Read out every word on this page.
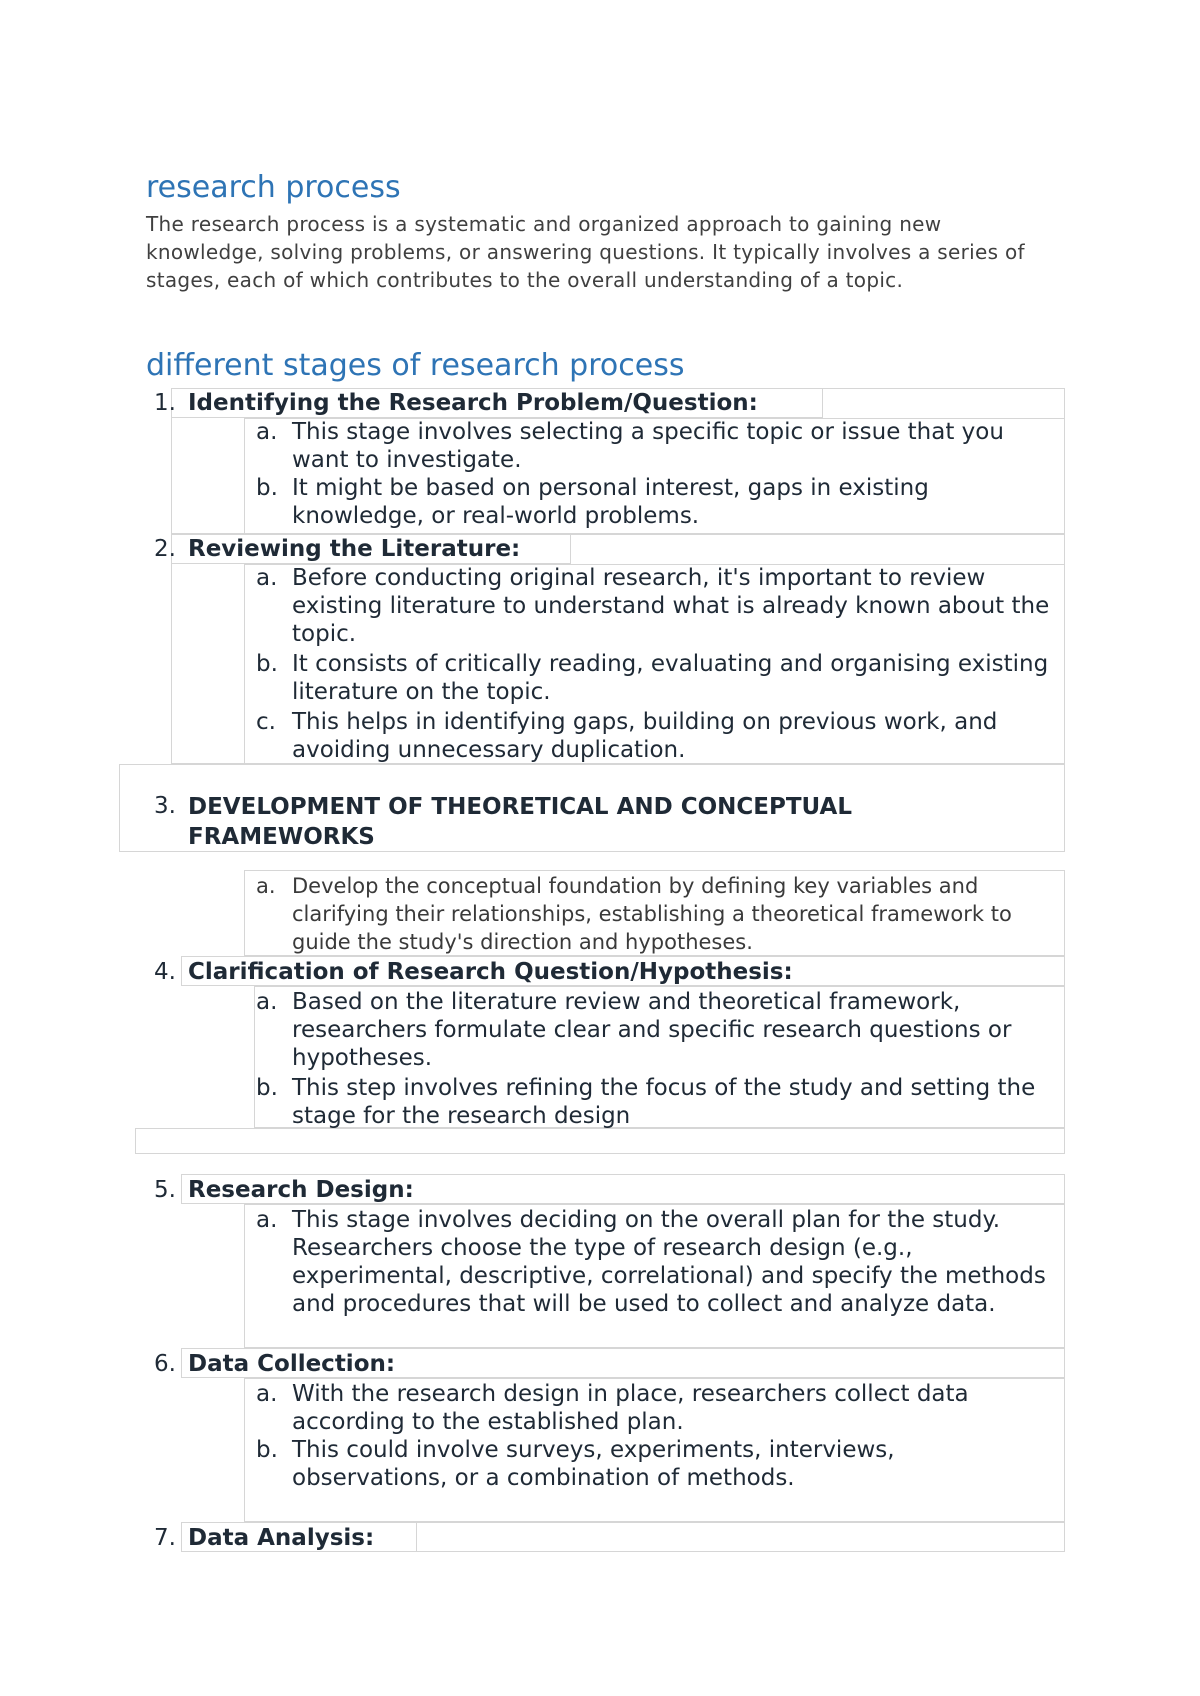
research process
The research process is a systematic and organized approach to gaining new knowledge, solving problems, or answering questions. It typically involves a series of stages, each of which contributes to the overall understanding of a topic.
different stages of research process
1. Identifying the Research Problem/Question:
a. This stage involves selecting a specific topic or issue that you want to investigate.
b. It might be based on personal interest, gaps in existing knowledge, or real-world problems.
2. Reviewing the Literature:
a. Before conducting original research, it's important to review existing literature to understand what is already known about the topic.
b. It consists of critically reading, evaluating and organising existing literature on the topic.
c. This helps in identifying gaps, building on previous work, and avoiding unnecessary duplication.
3. DEVELOPMENT OF THEORETICAL AND CONCEPTUAL FRAMEWORKS
a. Develop the conceptual foundation by defining key variables and clarifying their relationships, establishing a theoretical framework to guide the study's direction and hypotheses.
4. Clarification of Research Question/Hypothesis:
a. Based on the literature review and theoretical framework, researchers formulate clear and specific research questions or hypotheses.
b. This step involves refining the focus of the study and setting the stage for the research design
5. Research Design:
a. This stage involves deciding on the overall plan for the study. Researchers choose the type of research design (e.g., experimental, descriptive, correlational) and specify the methods and procedures that will be used to collect and analyze data.
6. Data Collection:
a. With the research design in place, researchers collect data according to the established plan.
b. This could involve surveys, experiments, interviews, observations, or a combination of methods.
7. Data Analysis:
